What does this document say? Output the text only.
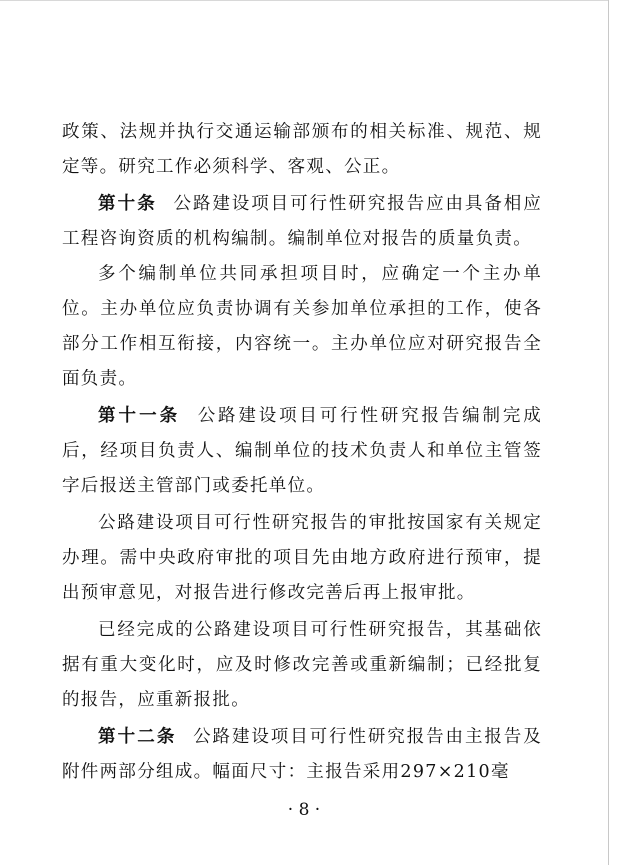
政策、法规并执行交通运输部颁布的相关标准、规范、规定等。研究工作必须科学、客观、公正。

第十条 公路建设项目可行性研究报告应由具备相应工程咨询资质的机构编制。编制单位对报告的质量负责。

多个编制单位共同承担项目时，应确定一个主办单位。主办单位应负责协调有关参加单位承担的工作，使各部分工作相互衔接，内容统一。主办单位应对研究报告全面负责。

第十一条 公路建设项目可行性研究报告编制完成后，经项目负责人、编制单位的技术负责人和单位主管签字后报送主管部门或委托单位。

公路建设项目可行性研究报告的审批按国家有关规定办理。需中央政府审批的项目先由地方政府进行预审，提出预审意见，对报告进行修改完善后再上报审批。

已经完成的公路建设项目可行性研究报告，其基础依据有重大变化时，应及时修改完善或重新编制；已经批复的报告，应重新报批。

第十二条 公路建设项目可行性研究报告由主报告及附件两部分组成。幅面尺寸：主报告采用297×210毫

· 8 ·
